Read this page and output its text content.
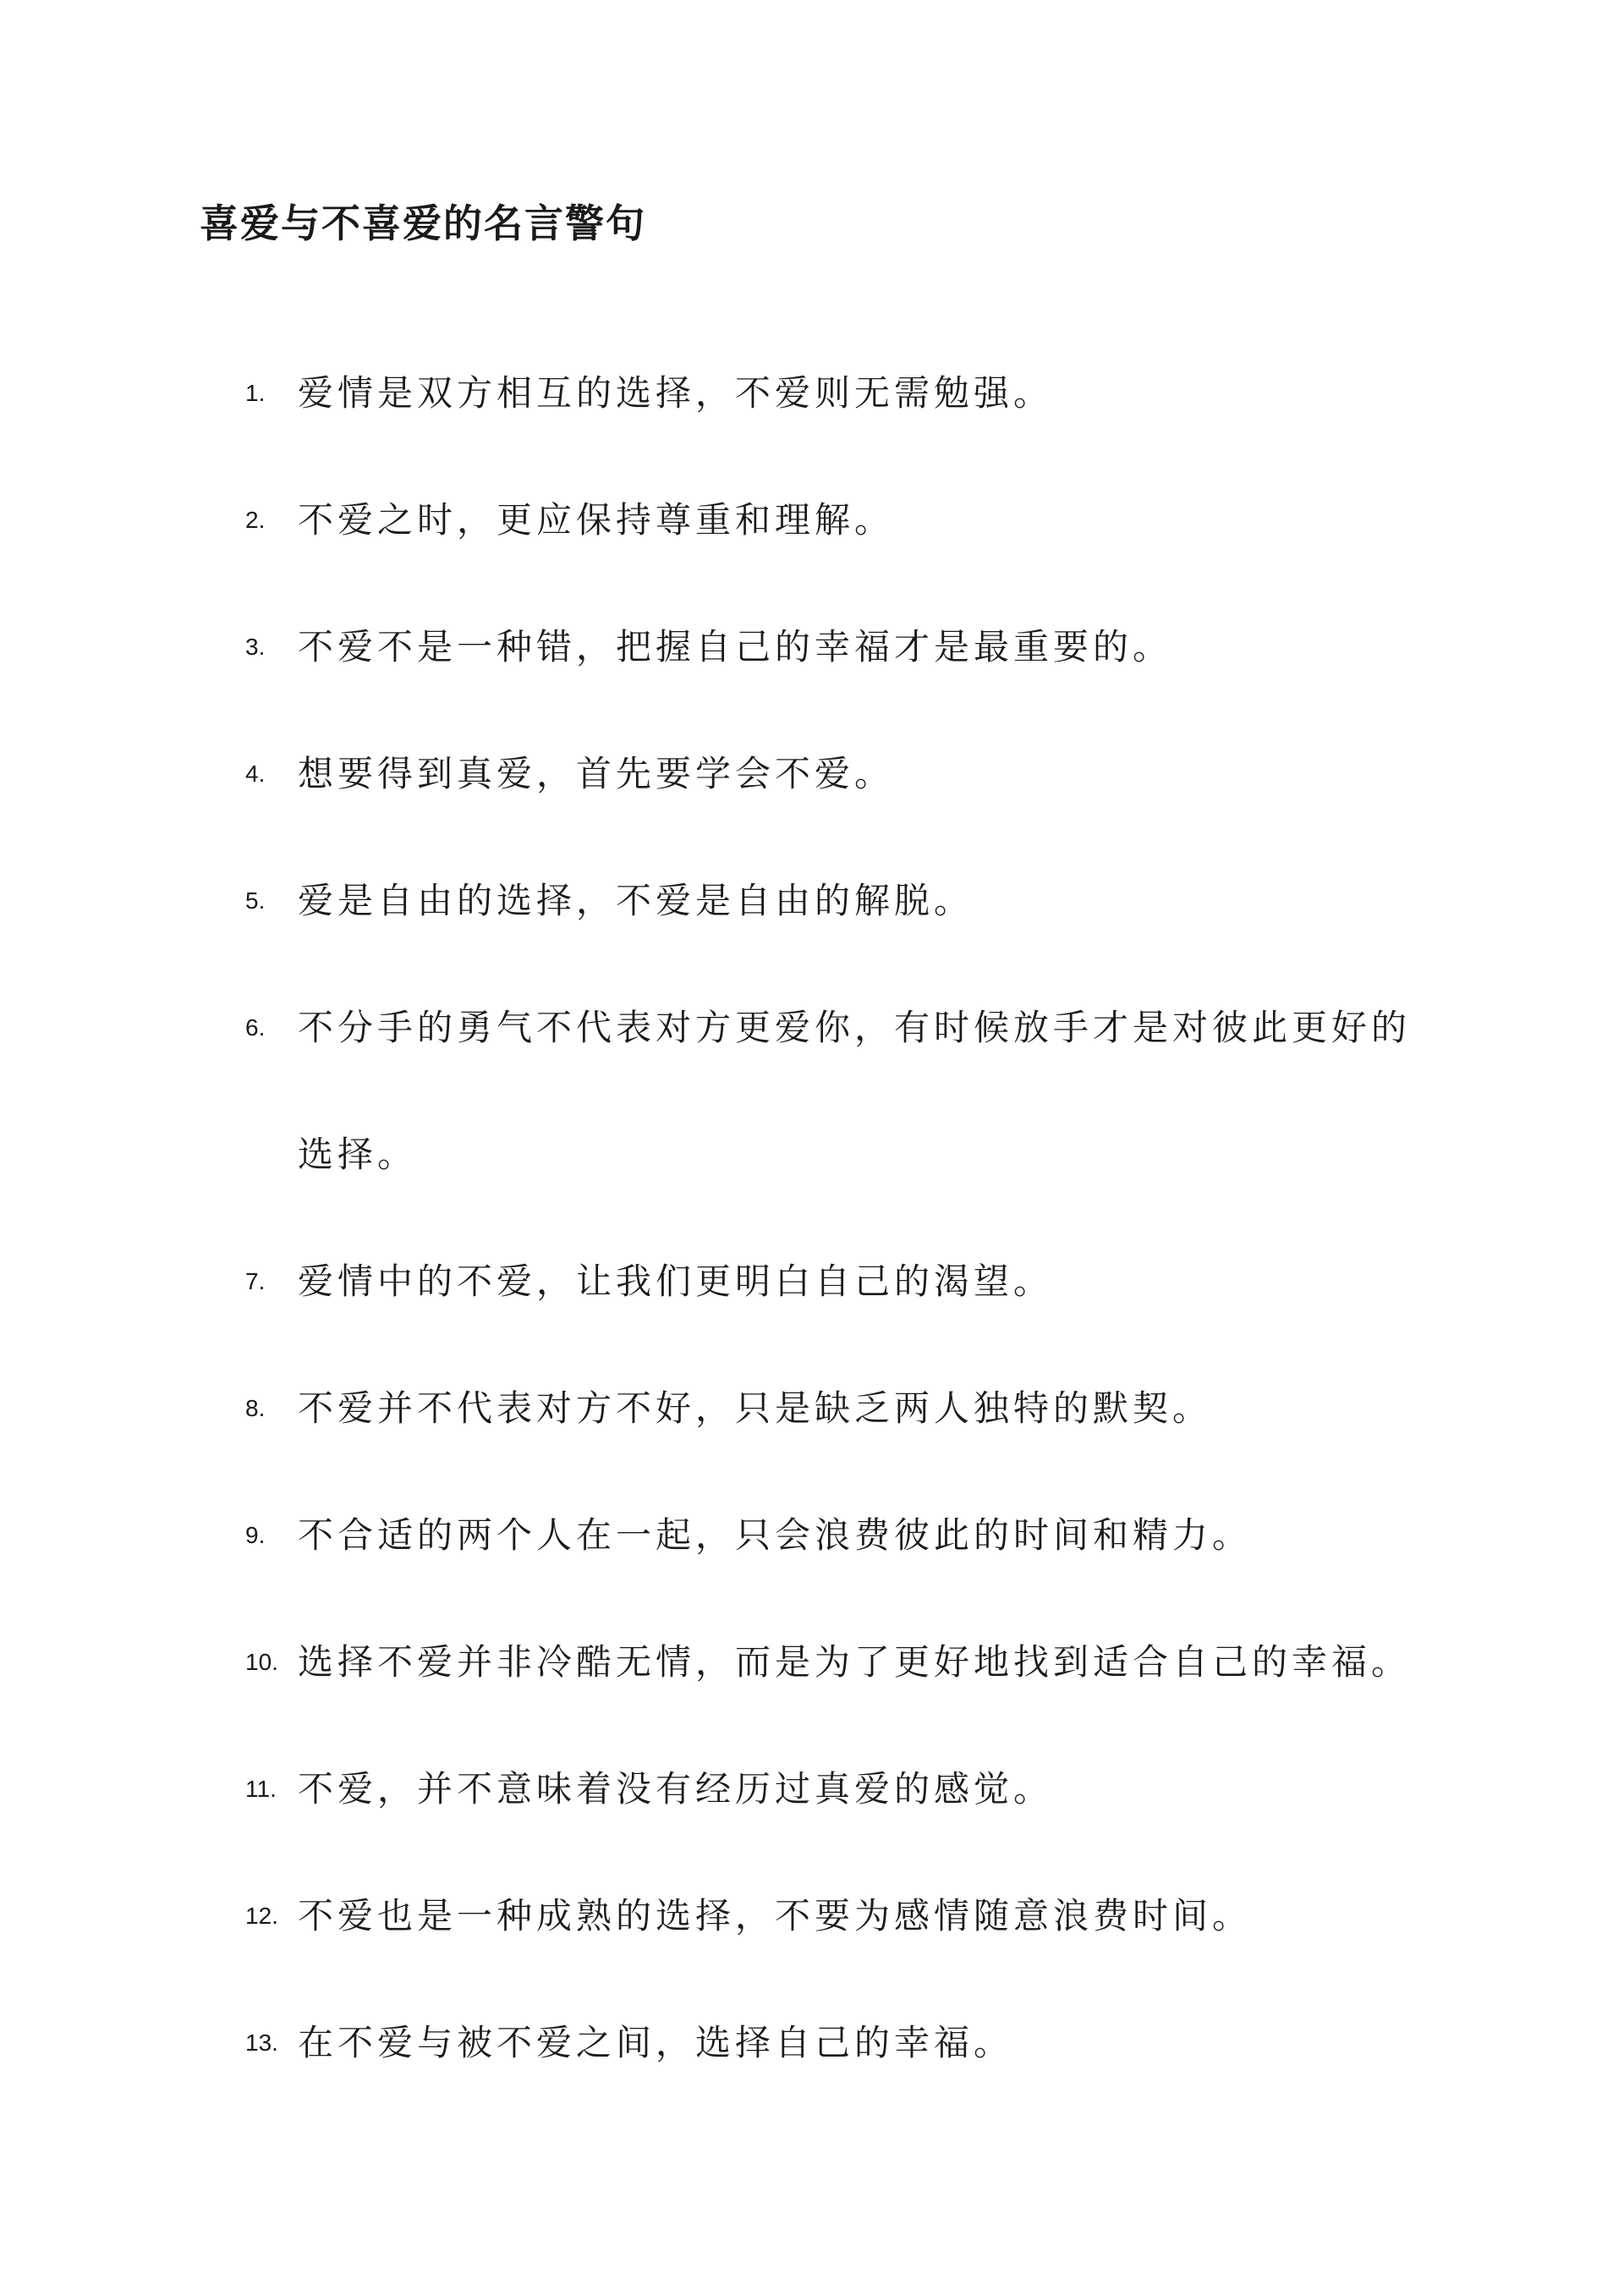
喜爱与不喜爱的名言警句
1. 爱情是双方相互的选择，不爱则无需勉强。
2. 不爱之时，更应保持尊重和理解。
3. 不爱不是一种错，把握自己的幸福才是最重要的。
4. 想要得到真爱，首先要学会不爱。
5. 爱是自由的选择，不爱是自由的解脱。
6. 不分手的勇气不代表对方更爱你，有时候放手才是对彼此更好的选择。
7. 爱情中的不爱，让我们更明白自己的渴望。
8. 不爱并不代表对方不好，只是缺乏两人独特的默契。
9. 不合适的两个人在一起，只会浪费彼此的时间和精力。
10. 选择不爱并非冷酷无情，而是为了更好地找到适合自己的幸福。
11. 不爱，并不意味着没有经历过真爱的感觉。
12. 不爱也是一种成熟的选择，不要为感情随意浪费时间。
13. 在不爱与被不爱之间，选择自己的幸福。
